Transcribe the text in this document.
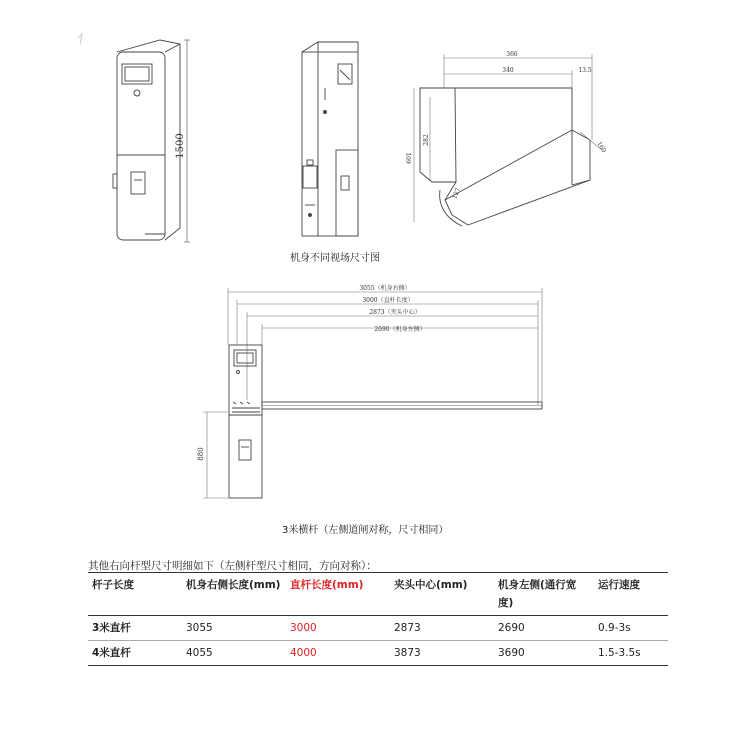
1500
366
340	13.5
282
601
160
127
机身不同视场尺寸图
3055（机身右侧）
3000（直杆长度）
2873（夹头中心）
2690（机身左侧）
880
3米横杆（左侧道闸对称，尺寸相同）
其他右向杆型尺寸明细如下（左侧杆型尺寸相同，方向对称）：
杆子长度	机身右侧长度(mm)	直杆长度(mm)	夹头中心(mm)	机身左侧(通行宽度)	运行速度
3米直杆	3055	3000	2873	2690	0.9-3s
4米直杆	4055	4000	3873	3690	1.5-3.5s
